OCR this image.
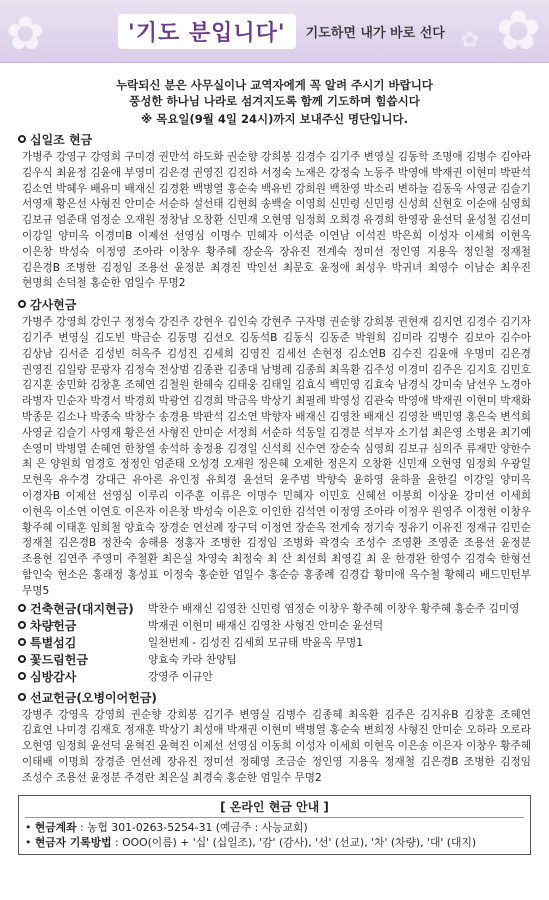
✿	✿
✿
'기도 분입니다'	기도하면 내가 바로 선다
누락되신 분은 사무실이나 교역자에게 꼭 알려 주시기 바랍니다
풍성한 하나님 나라로 섬겨지도록 함께 기도하며 힘씁시다
※ 목요일(9월 4일 24시)까지 보내주신 명단입니다.
십일조 현금
가병주 강영구 강영희 구미경 권만석 하도화 권순향 강희봉 김경수 김기주 변영실 김동학 조명애 김병수 김야라 김우식 최윤정 김윤애 부영미 김은경 권영진 김진하 서정숙 노재은 강정숙 노동주 박영애 박재권 이현미 박판석 김소연 박혜우 배유미 배재신 김경환 백병열 홍순숙 백유빈 강희원 백찬영 박소리 변하늘 김동욱 사영균 김슬기 서영재 황은선 사형진 안미순 서순하 설선태 김현희 송백술 이영희 신민령 신민령 신성희 신현호 이순애 심영희 김보규 엄준태 엄정순 오재원 정창남 오창환 신민재 오현영 임정희 오희경 유경희 한영광 윤선덕 윤성철 김선미 이강일 양미옥 이경미B 이제선 선영심 이명수 민혜자 이석준 이연남 이석진 박은희 이성자 이세희 이현옥 이은창 박성숙 이정영 조아라 이창우 황주혜 장순옥 장유진 전계숙 정미선 정인영 지용옥 정인철 정재철 김은경B 조병한 김정임 조용선 윤정분 최경진 박인선 최문호 윤정애 최성우 박귀녀 최영수 이남순 최우진 현명희 손덕철 홍순한 엄일수 무명2
감사현금
가병주 강영희 강인구 정정숙 강진주 강현우 김인숙 강현주 구자명 권순향 강희봉 권현재 김지연 김경수 김기자 김기주 변영실 김도빈 박금순 김동명 김선오 김동석B 김동식 김동준 박원희 김미라 김병수 김보아 김수아 김상남 김서준 김성빈 허옥주 김성진 김세희 김영진 김세선 손현정 김소연B 김수진 김윤애 우명미 김은경 권영진 김일랑 문광자 김정숙 전상범 김종관 김종대 남병례 김종희 최옥환 김주성 이경미 김주은 김지호 김민호 김지훈 송민화 김창훈 조혜연 김철원 한혜숙 김태웅 김태일 김효식 백민영 김효숙 남경식 강미숙 남선우 노경아 라병자 민순자 박경서 박경희 박광연 김경희 박금옥 박상기 최필례 박영성 김관숙 박영애 박재권 이현미 박재화 박종문 김소나 박종숙 박창수 송경용 박판석 김소연 박향자 배재신 김영찬 배재신 김영찬 백민영 홍은숙 변석희 사영균 김슬기 사영재 황은선 사형진 안미순 서정희 서순하 석동일 김경분 석부자 소기섭 최은영 소병윤 최기예 손영미 박병열 손혜연 한창열 송석하 송정용 김경일 신석희 신수연 장순숙 심영희 김보규 심의주 류재만 양한수 최 은 양원희 엄경호 정정인 엄준태 오성경 오재원 정은혜 오제한 정은지 오창환 신민재 오현영 임정희 우광일 모현옥 유수경 강대근 유아론 유인정 유희경 윤선덕 윤주범 박향숙 윤하영 윤하율 윤한길 이강일 양미옥 이경자B 이제선 선영심 이루리 이주훈 이류은 이명수 민혜자 이민호 신혜선 이봉희 이상윤 강미선 이세희 이현옥 이소연 이연호 이은자 이은창 박성숙 이은호 이인한 김석연 이정영 조아라 이정우 원영주 이정현 이창우 황주혜 이태훈 임희철 양효숙 장경순 연선례 장구덕 이정연 장순옥 전계숙 정기숙 정유기 이유진 정재규 김민순 정재철 김은경B 정찬숙 송해용 정홍자 조병한 김정임 조병화 곽경숙 조성수 조영환 조영준 조용선 윤정분 조용현 김연주 주영미 주철환 최은실 차영숙 최정숙 최 산 최선희 최영길 최 운 한경완 한영수 김경숙 한형선 함인숙 현소은 홍래정 홍성표 이정숙 홍순한 엄일수 홍순승 홍종례 김경갑 황미애 옥수철 황혜리 배드민턴부 무명5
건축현금(대지현금) 박찬수 배재신 김영찬 신민령 염정순 이창우 황주혜 이창우 황주혜 홍순주 김미영
차량헌금	박재권 이현미 배재신 김영찬 사형진 안미순 윤선덕
특별섬김	일천번제 - 김성진 김세희 모규태 박윤옥 무명1
꽃드림헌금	양효숙 카라 찬양팀
심방감사	강영주 이규안
선교헌금(오병이어헌금)
강병주 강영옥 강영희 권순향 강희봉 김기주 변영실 김병수 김종혜 최옥환 김주은 김지유B 김창훈 조혜연 김효연 나미경 김재호 정재훈 박상기 최성애 박재권 이현미 백병열 홍순숙 변희정 사형진 안미순 오하라 오로라 오현영 임정희 윤선덕 윤혁진 윤혁진 이제선 선영심 이동희 이성자 이세희 이현옥 이은송 이은자 이창우 황주혜 이태배 이명희 장경준 연선례 장유진 정미선 정혜영 조금순 정인영 지용옥 정재철 김은경B 조병한 김정임 조성수 조용선 윤정분 주경란 최은실 최경숙 홍순한 엄일수 무명2
[ 온라인 현금 안내 ]
• 현금계좌 : 농협 301-0263-5254-31 (예금주 : 사능교회)
• 현금자 기록방법 : OOO(이름) + '십' (십일조), '감' (감사), '선' (선교), '차' (차량), '대' (대지)
